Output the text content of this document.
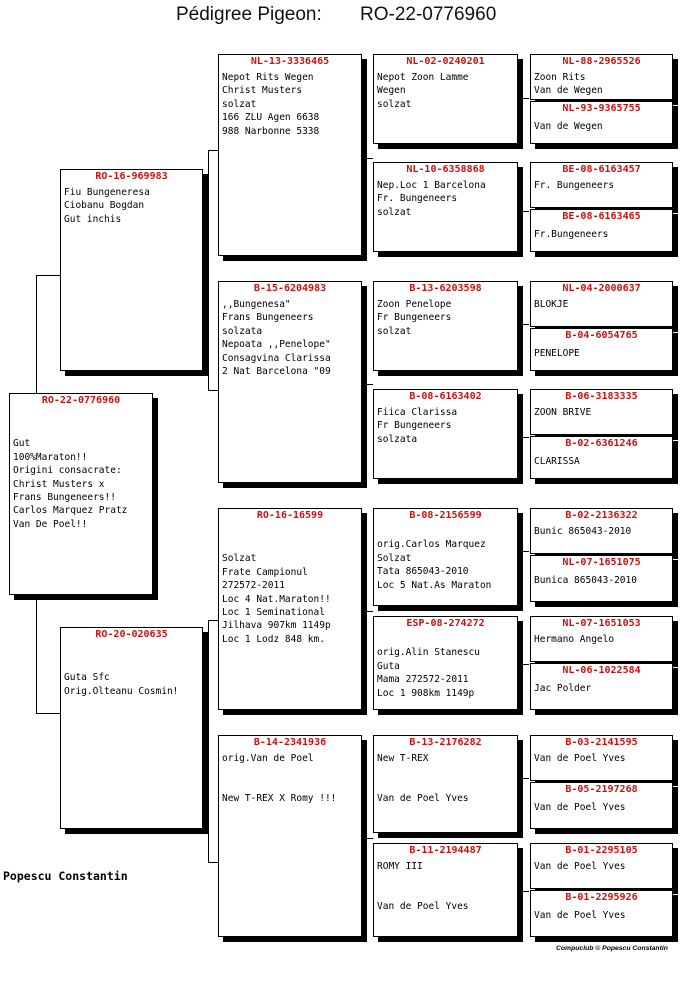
Pédigree Pigeon: RO-22-0776960
RO-22-0776960

Gut
100%Maraton!!
Origini consacrate:
Christ Musters x
Frans Bungeneers!!
Carlos Marquez Pratz
Van De Poel!!
RO-16-969983
Fiu Bungeneresa
Ciobanu Bogdan
Gut inchis
RO-20-020635

Guta Sfc
Orig.Olteanu Cosmin!
NL-13-3336465
Nepot Rits Wegen
Christ Musters
solzat
166 ZLU Agen 6638
988 Narbonne 5338
B-15-6204983
,,Bungenesa"
Frans Bungeneers
solzata
Nepoata ,,Penelope"
Consagvina Clarissa
2 Nat Barcelona "09
RO-16-16599

Solzat
Frate Campionul
272572-2011
Loc 4 Nat.Maraton!!
Loc 1 Seminational
Jilhava 907km 1149p
Loc 1 Lodz 848 km.
B-14-2341936
orig.Van de Poel

New T-REX X Romy !!!
NL-02-0240201
Nepot Zoon Lamme
Wegen
solzat
NL-10-6358868
Nep.Loc 1 Barcelona
Fr. Bungeneers
solzat
B-13-6203598
Zoon Penelope
Fr Bungeneers
solzat
B-08-6163402
Fiica Clarissa
Fr Bungeneers
solzata
B-08-2156599

orig.Carlos Marquez
Solzat
Tata 865043-2010
Loc 5 Nat.As Maraton
ESP-08-274272

orig.Alin Stanescu
Guta
Mama 272572-2011
Loc 1 908km 1149p
B-13-2176282
New T-REX

Van de Poel Yves
B-11-2194487
ROMY III

Van de Poel Yves
NL-88-2965526
Zoon Rits
Van de Wegen
NL-93-9365755
Van de Wegen
BE-08-6163457
Fr. Bungeneers
BE-08-6163465
Fr.Bungeneers
NL-04-2000637
BLOKJE
B-04-6054765
PENELOPE
B-06-3183335
ZOON BRIVE
B-02-6361246
CLARISSA
B-02-2136322
Bunic 865043-2010
NL-07-1651075
Bunica 865043-2010
NL-07-1651053
Hermano Angelo
NL-06-1022584
Jac Polder
B-03-2141595
Van de Poel Yves
B-05-2197268
Van de Poel Yves
B-01-2295105
Van de Poel Yves
B-01-2295926
Van de Poel Yves
Popescu Constantin
Compuclub © Popescu Constantin
